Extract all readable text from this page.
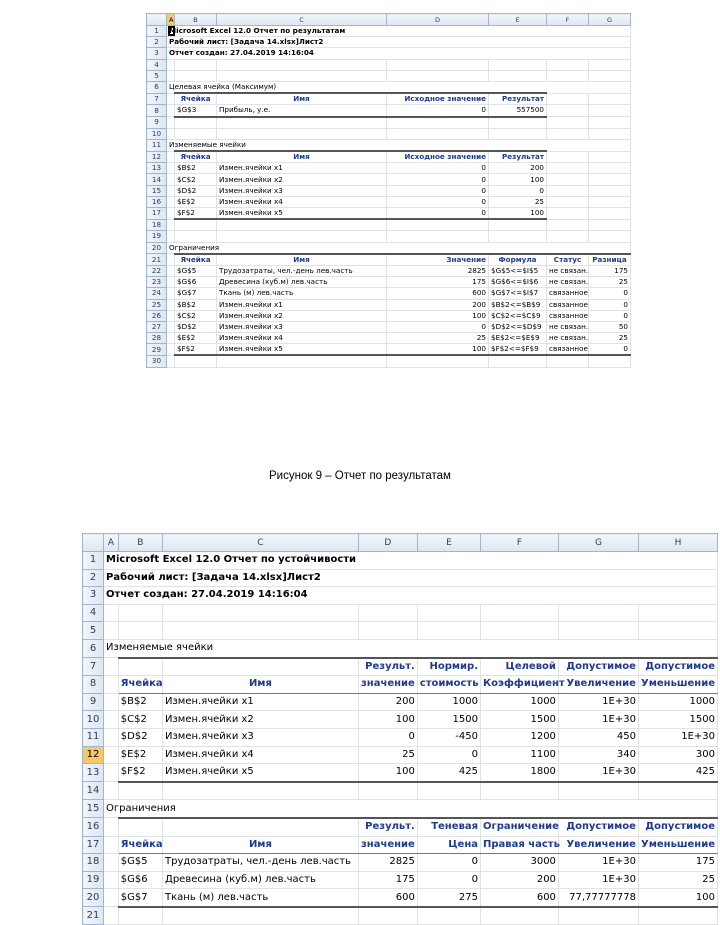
	A	B	C	D	E	F	G
1	Microsoft Excel 12.0 Отчет по результатам						
2	Рабочий лист: [Задача 14.xlsx]Лист2						
3	Отчет создан: 27.04.2019 14:16:04						
4							
5							
6	Целевая ячейка (Максимум)						
7		Ячейка	Имя	Исходное значение	Результат		
8		$G$3	Прибыль, у.е.	0	557500		
9							
10							
11	Изменяемые ячейки						
12		Ячейка	Имя	Исходное значение	Результат		
13		$B$2	Измен.ячейки x1	0	200		
14		$C$2	Измен.ячейки x2	0	100		
15		$D$2	Измен.ячейки x3	0	0		
16		$E$2	Измен.ячейки x4	0	25		
17		$F$2	Измен.ячейки x5	0	100		
18							
19							
20	Ограничения						
21		Ячейка	Имя	Значение	Формула	Статус	Разница
22		$G$5	Трудозатраты, чел.-день лев.часть	2825	$G$5<=$I$5	не связан.	175
23		$G$6	Древесина (куб.м) лев.часть	175	$G$6<=$I$6	не связан.	25
24		$G$7	Ткань (м) лев.часть	600	$G$7<=$I$7	связанное	0
25		$B$2	Измен.ячейки x1	200	$B$2<=$B$9	связанное	0
26		$C$2	Измен.ячейки x2	100	$C$2<=$C$9	связанное	0
27		$D$2	Измен.ячейки x3	0	$D$2<=$D$9	не связан.	50
28		$E$2	Измен.ячейки x4	25	$E$2<=$E$9	не связан.	25
29		$F$2	Измен.ячейки x5	100	$F$2<=$F$9	связанное	0
30							
Рисунок 9 – Отчет по результатам
	A	B	C	D	E	F	G	H
1	Microsoft Excel 12.0 Отчет по устойчивости							
2	Рабочий лист: [Задача 14.xlsx]Лист2							
3	Отчет создан: 27.04.2019 14:16:04							
4								
5								
6	Изменяемые ячейки							
7				Результ.	Нормир.	Целевой	Допустимое	Допустимое
8		Ячейка	Имя	значение	стоимость	Коэффициент	Увеличение	Уменьшение
9		$B$2	Измен.ячейки x1	200	1000	1000	1E+30	1000
10		$C$2	Измен.ячейки x2	100	1500	1500	1E+30	1500
11		$D$2	Измен.ячейки x3	0	-450	1200	450	1E+30
12		$E$2	Измен.ячейки x4	25	0	1100	340	300
13		$F$2	Измен.ячейки x5	100	425	1800	1E+30	425
14								
15	Ограничения							
16				Результ.	Теневая	Ограничение	Допустимое	Допустимое
17		Ячейка	Имя	значение	Цена	Правая часть	Увеличение	Уменьшение
18		$G$5	Трудозатраты, чел.-день лев.часть	2825	0	3000	1E+30	175
19		$G$6	Древесина (куб.м) лев.часть	175	0	200	1E+30	25
20		$G$7	Ткань (м) лев.часть	600	275	600	77,77777778	100
21								
